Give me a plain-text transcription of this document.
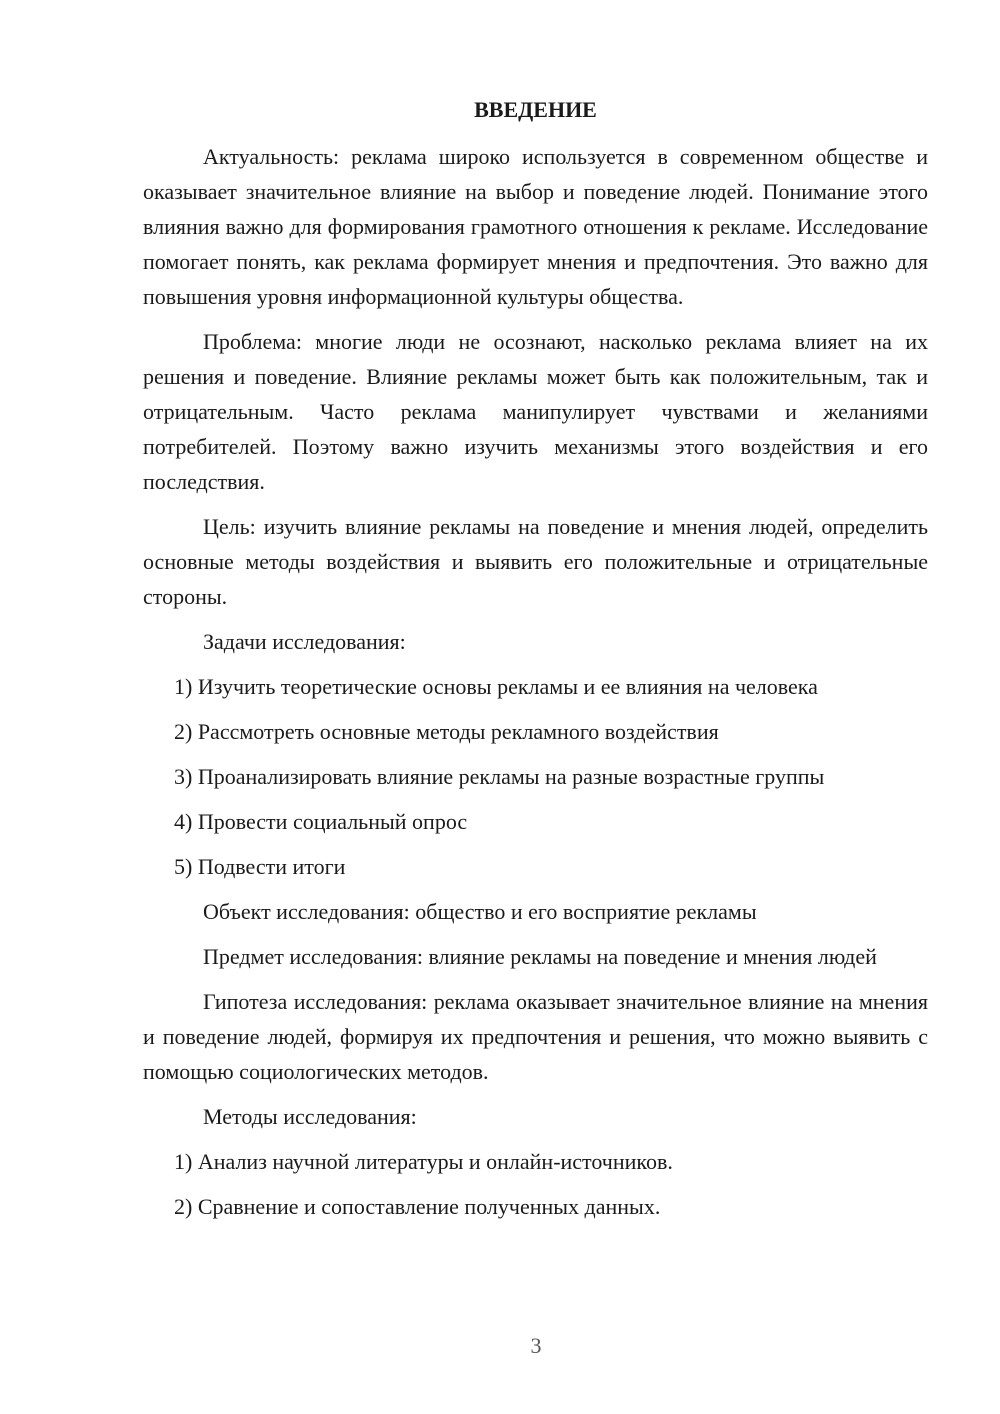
ВВЕДЕНИЕ

Актуальность: реклама широко используется в современном обществе и оказывает значительное влияние на выбор и поведение людей. Понимание этого влияния важно для формирования грамотного отношения к рекламе. Исследование помогает понять, как реклама формирует мнения и предпочтения. Это важно для повышения уровня информационной культуры общества.

Проблема: многие люди не осознают, насколько реклама влияет на их решения и поведение. Влияние рекламы может быть как положительным, так и отрицательным. Часто реклама манипулирует чувствами и желаниями потребителей. Поэтому важно изучить механизмы этого воздействия и его последствия.

Цель: изучить влияние рекламы на поведение и мнения людей, определить основные методы воздействия и выявить его положительные и отрицательные стороны.

Задачи исследования:
1) Изучить теоретические основы рекламы и ее влияния на человека
2) Рассмотреть основные методы рекламного воздействия
3) Проанализировать влияние рекламы на разные возрастные группы
4) Провести социальный опрос
5) Подвести итоги
Объект исследования: общество и его восприятие рекламы

Предмет исследования: влияние рекламы на поведение и мнения людей

Гипотеза исследования: реклама оказывает значительное влияние на мнения и поведение людей, формируя их предпочтения и решения, что можно выявить с помощью социологических методов.

Методы исследования:
1) Анализ научной литературы и онлайн-источников.
2) Сравнение и сопоставление полученных данных.
3
